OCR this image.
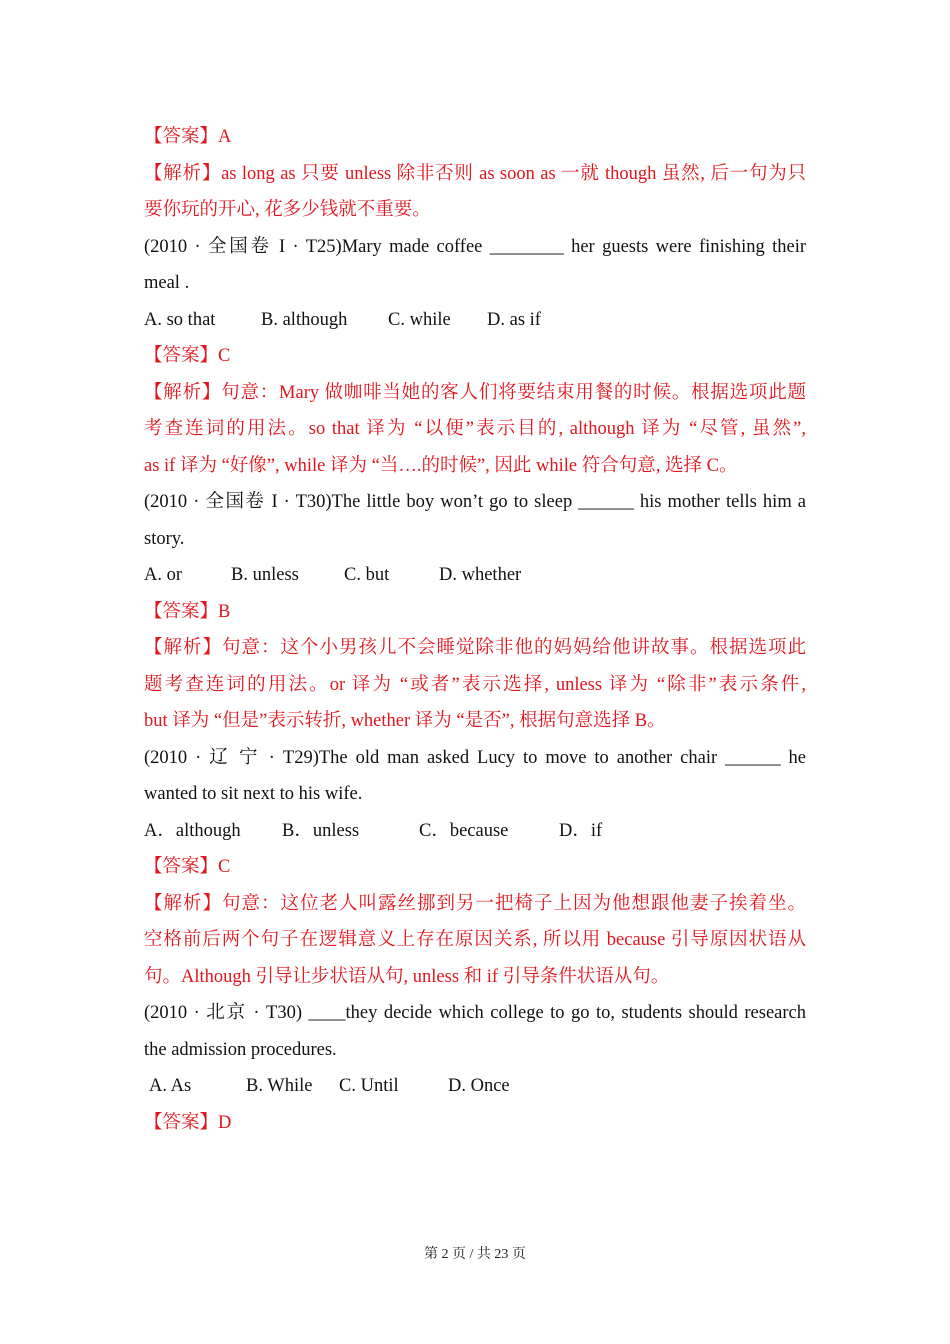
【答案】A
【解析】as long as 只要 unless 除非否则 as soon as 一就 though 虽然, 后一句为只
要你玩的开心, 花多少钱就不重要。
(2010 · 全国卷 I · T25)Mary made coffee ________ her guests were finishing their
meal .
A. so that B. although C. while D. as if
【答案】C
【解析】句意：Mary 做咖啡当她的客人们将要结束用餐的时候。根据选项此题
考查连词的用法。so that 译为 “以便”表示目的, although 译为 “尽管, 虽然”,
as if 译为 “好像”, while 译为 “当….的时候”, 因此 while 符合句意, 选择 C。
(2010 · 全国卷 I · T30)The little boy won’t go to sleep ______ his mother tells him a
story.
A. or	B. unless C. but	D. whether
【答案】B
【解析】句意：这个小男孩儿不会睡觉除非他的妈妈给他讲故事。根据选项此
题考查连词的用法。or 译为 “或者”表示选择, unless 译为 “除非”表示条件,
but 译为 “但是”表示转折, whether 译为 “是否”, 根据句意选择 B。
(2010 · 辽 宁 · T29)The old man asked Lucy to move to another chair ______ he
wanted to sit next to his wife.
A．although B．unless	C．because	D．if
【答案】C
【解析】句意：这位老人叫露丝挪到另一把椅子上因为他想跟他妻子挨着坐。
空格前后两个句子在逻辑意义上存在原因关系, 所以用 because 引导原因状语从
句。Although 引导让步状语从句, unless 和 if 引导条件状语从句。
(2010 · 北京 · T30) ____they decide which college to go to, students should research
the admission procedures.
A. As	B. While C. Until	D. Once
【答案】D
第 2 页 / 共 23 页
